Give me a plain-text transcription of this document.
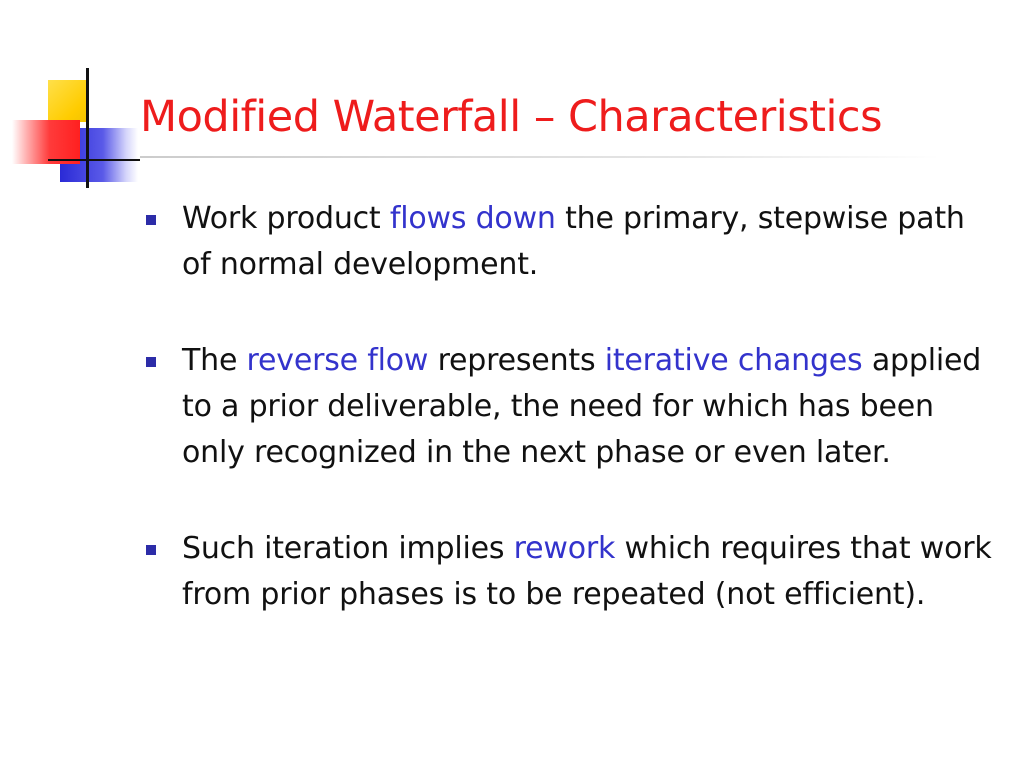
Modified Waterfall – Characteristics
Work product flows down the primary, stepwise path of normal development.
The reverse flow represents iterative changes applied to a prior deliverable, the need for which has been only recognized in the next phase or even later.
Such iteration implies rework which requires that work from prior phases is to be repeated (not efficient).
